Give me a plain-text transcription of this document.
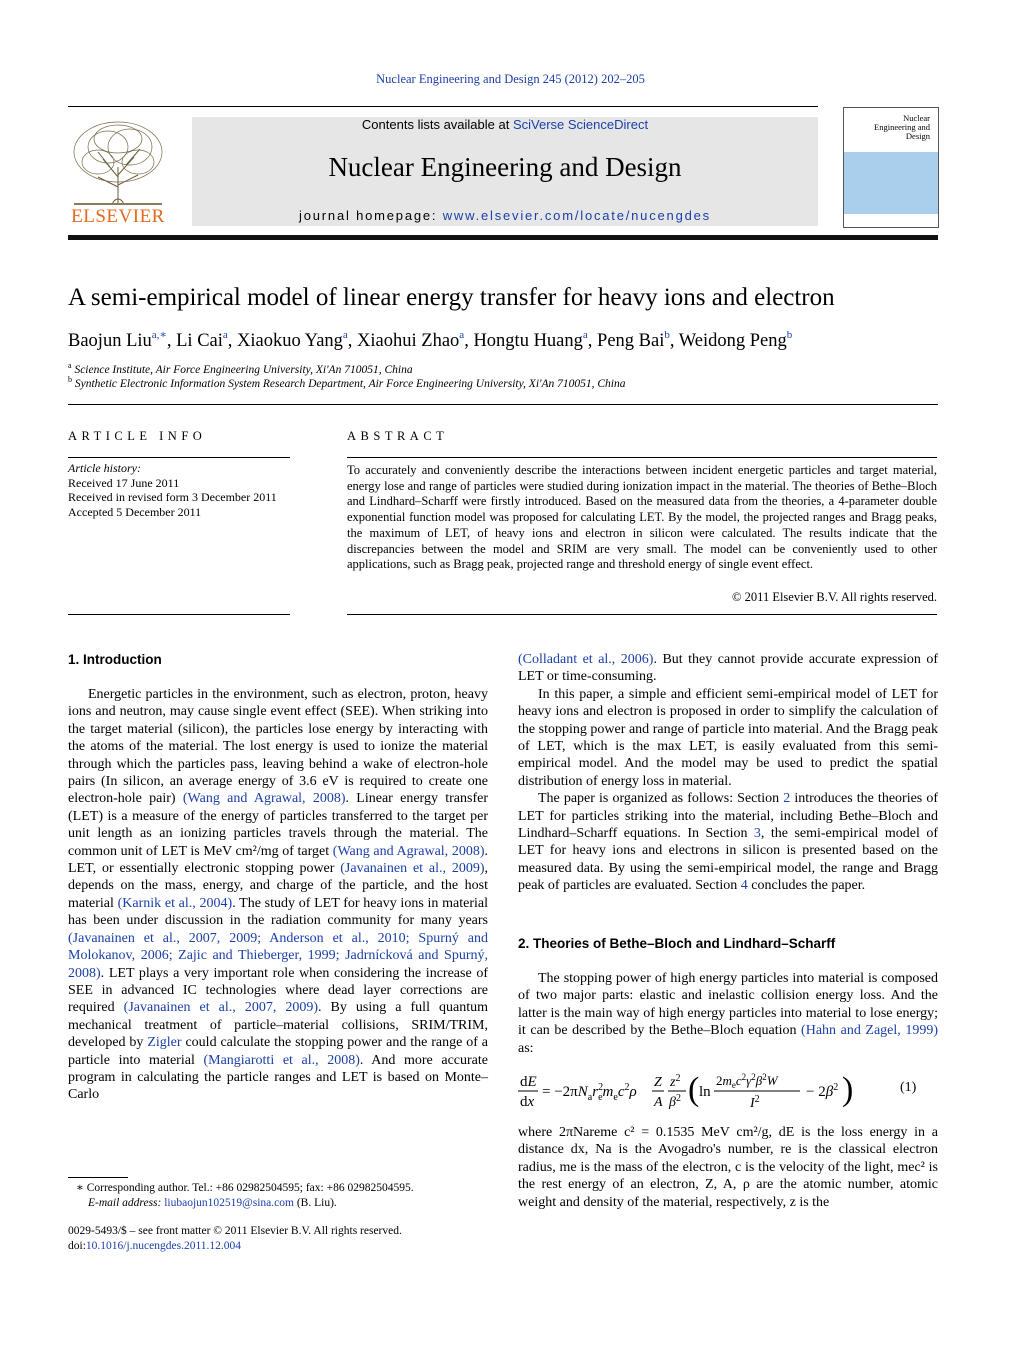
Nuclear Engineering and Design 245 (2012) 202–205
ELSEVIER
Contents lists available at SciVerse ScienceDirect
Nuclear Engineering and Design
journal homepage: www.elsevier.com/locate/nucengdes
Nuclear Engineering and Design
A semi-empirical model of linear energy transfer for heavy ions and electron
Baojun Liu$^{a,∗}$, Li Cai$^a$, Xiaokuo Yang$^a$, Xiaohui Zhao$^a$, Hongtu Huang$^a$, Peng Bai$^b$, Weidong Peng$^b$
$^a$ Science Institute, Air Force Engineering University, Xi'An 710051, China
$^b$ Synthetic Electronic Information System Research Department, Air Force Engineering University, Xi'An 710051, China
ARTICLE INFO
Article history:
Received 17 June 2011
Received in revised form 3 December 2011
Accepted 5 December 2011
ABSTRACT
To accurately and conveniently describe the interactions between incident energetic particles and target material, energy lose and range of particles were studied during ionization impact in the material. The theories of Bethe–Bloch and Lindhard–Scharff were firstly introduced. Based on the measured data from the theories, a 4-parameter double exponential function model was proposed for calculating LET. By the model, the projected ranges and Bragg peaks, the maximum of LET, of heavy ions and electron in silicon were calculated. The results indicate that the discrepancies between the model and SRIM are very small. The model can be conveniently used to other applications, such as Bragg peak, projected range and threshold energy of single event effect.
© 2011 Elsevier B.V. All rights reserved.
1. Introduction

Energetic particles in the environment, such as electron, proton, heavy ions and neutron, may cause single event effect (SEE). When striking into the target material (silicon), the particles lose energy by interacting with the atoms of the material. The lost energy is used to ionize the material through which the particles pass, leaving behind a wake of electron-hole pairs (In silicon, an average energy of 3.6 eV is required to create one electron-hole pair) (Wang and Agrawal, 2008). Linear energy transfer (LET) is a measure of the energy of particles transferred to the target per unit length as an ionizing particles travels through the material. The common unit of LET is MeV cm²/mg of target (Wang and Agrawal, 2008). LET, or essentially electronic stopping power (Javanainen et al., 2009), depends on the mass, energy, and charge of the particle, and the host material (Karnik et al., 2004). The study of LET for heavy ions in material has been under discussion in the radiation community for many years (Javanainen et al., 2007, 2009; Anderson et al., 2010; Spurný and Molokanov, 2006; Zajic and Thieberger, 1999; Jadrnícková and Spurný, 2008). LET plays a very important role when considering the increase of SEE in advanced IC technologies where dead layer corrections are required (Javanainen et al., 2007, 2009). By using a full quantum mechanical treatment of particle–material collisions, SRIM/TRIM, developed by Zigler could calculate the stopping power and the range of a particle into material (Mangiarotti et al., 2008). And more accurate program in calculating the particle ranges and LET is based on Monte–Carlo

(Colladant et al., 2006). But they cannot provide accurate expression of LET or time-consuming.

In this paper, a simple and efficient semi-empirical model of LET for heavy ions and electron is proposed in order to simplify the calculation of the stopping power and range of particle into material. And the Bragg peak of LET, which is the max LET, is easily evaluated from this semi-empirical model. And the model may be used to predict the spatial distribution of energy loss in material.

The paper is organized as follows: Section 2 introduces the theories of LET for particles striking into the material, including Bethe–Bloch and Lindhard–Scharff equations. In Section 3, the semi-empirical model of LET for heavy ions and electrons in silicon is presented based on the measured data. By using the semi-empirical model, the range and Bragg peak of particles are evaluated. Section 4 concludes the paper.

2. Theories of Bethe–Bloch and Lindhard–Scharff

The stopping power of high energy particles into material is composed of two major parts: elastic and inelastic collision energy loss. And the latter is the main way of high energy particles into material to lose energy; it can be described by the Bethe–Bloch equation (Hahn and Zagel, 1999) as:

dE
dx
= $-2\pi N_ar^2$ $em_ec^2\rho$
Z
A
$z^2$
$\beta^2$ ( ln
$2m_ec^2\gamma^2\beta^2W$
$I^2$	− $2\beta^2$ )	(1)

where 2πNareme c² = 0.1535 MeV cm²/g, dE is the loss energy in a distance dx, Na is the Avogadro's number, re is the classical electron radius, me is the mass of the electron, c is the velocity of the light, mec² is the rest energy of an electron, Z, A, ρ are the atomic number, atomic weight and density of the material, respectively, z is the

∗ Corresponding author. Tel.: +86 02982504595; fax: +86 02982504595.
E-mail address: liubaojun102519@sina.com (B. Liu).
0029-5493/$ – see front matter © 2011 Elsevier B.V. All rights reserved.
doi:10.1016/j.nucengdes.2011.12.004
